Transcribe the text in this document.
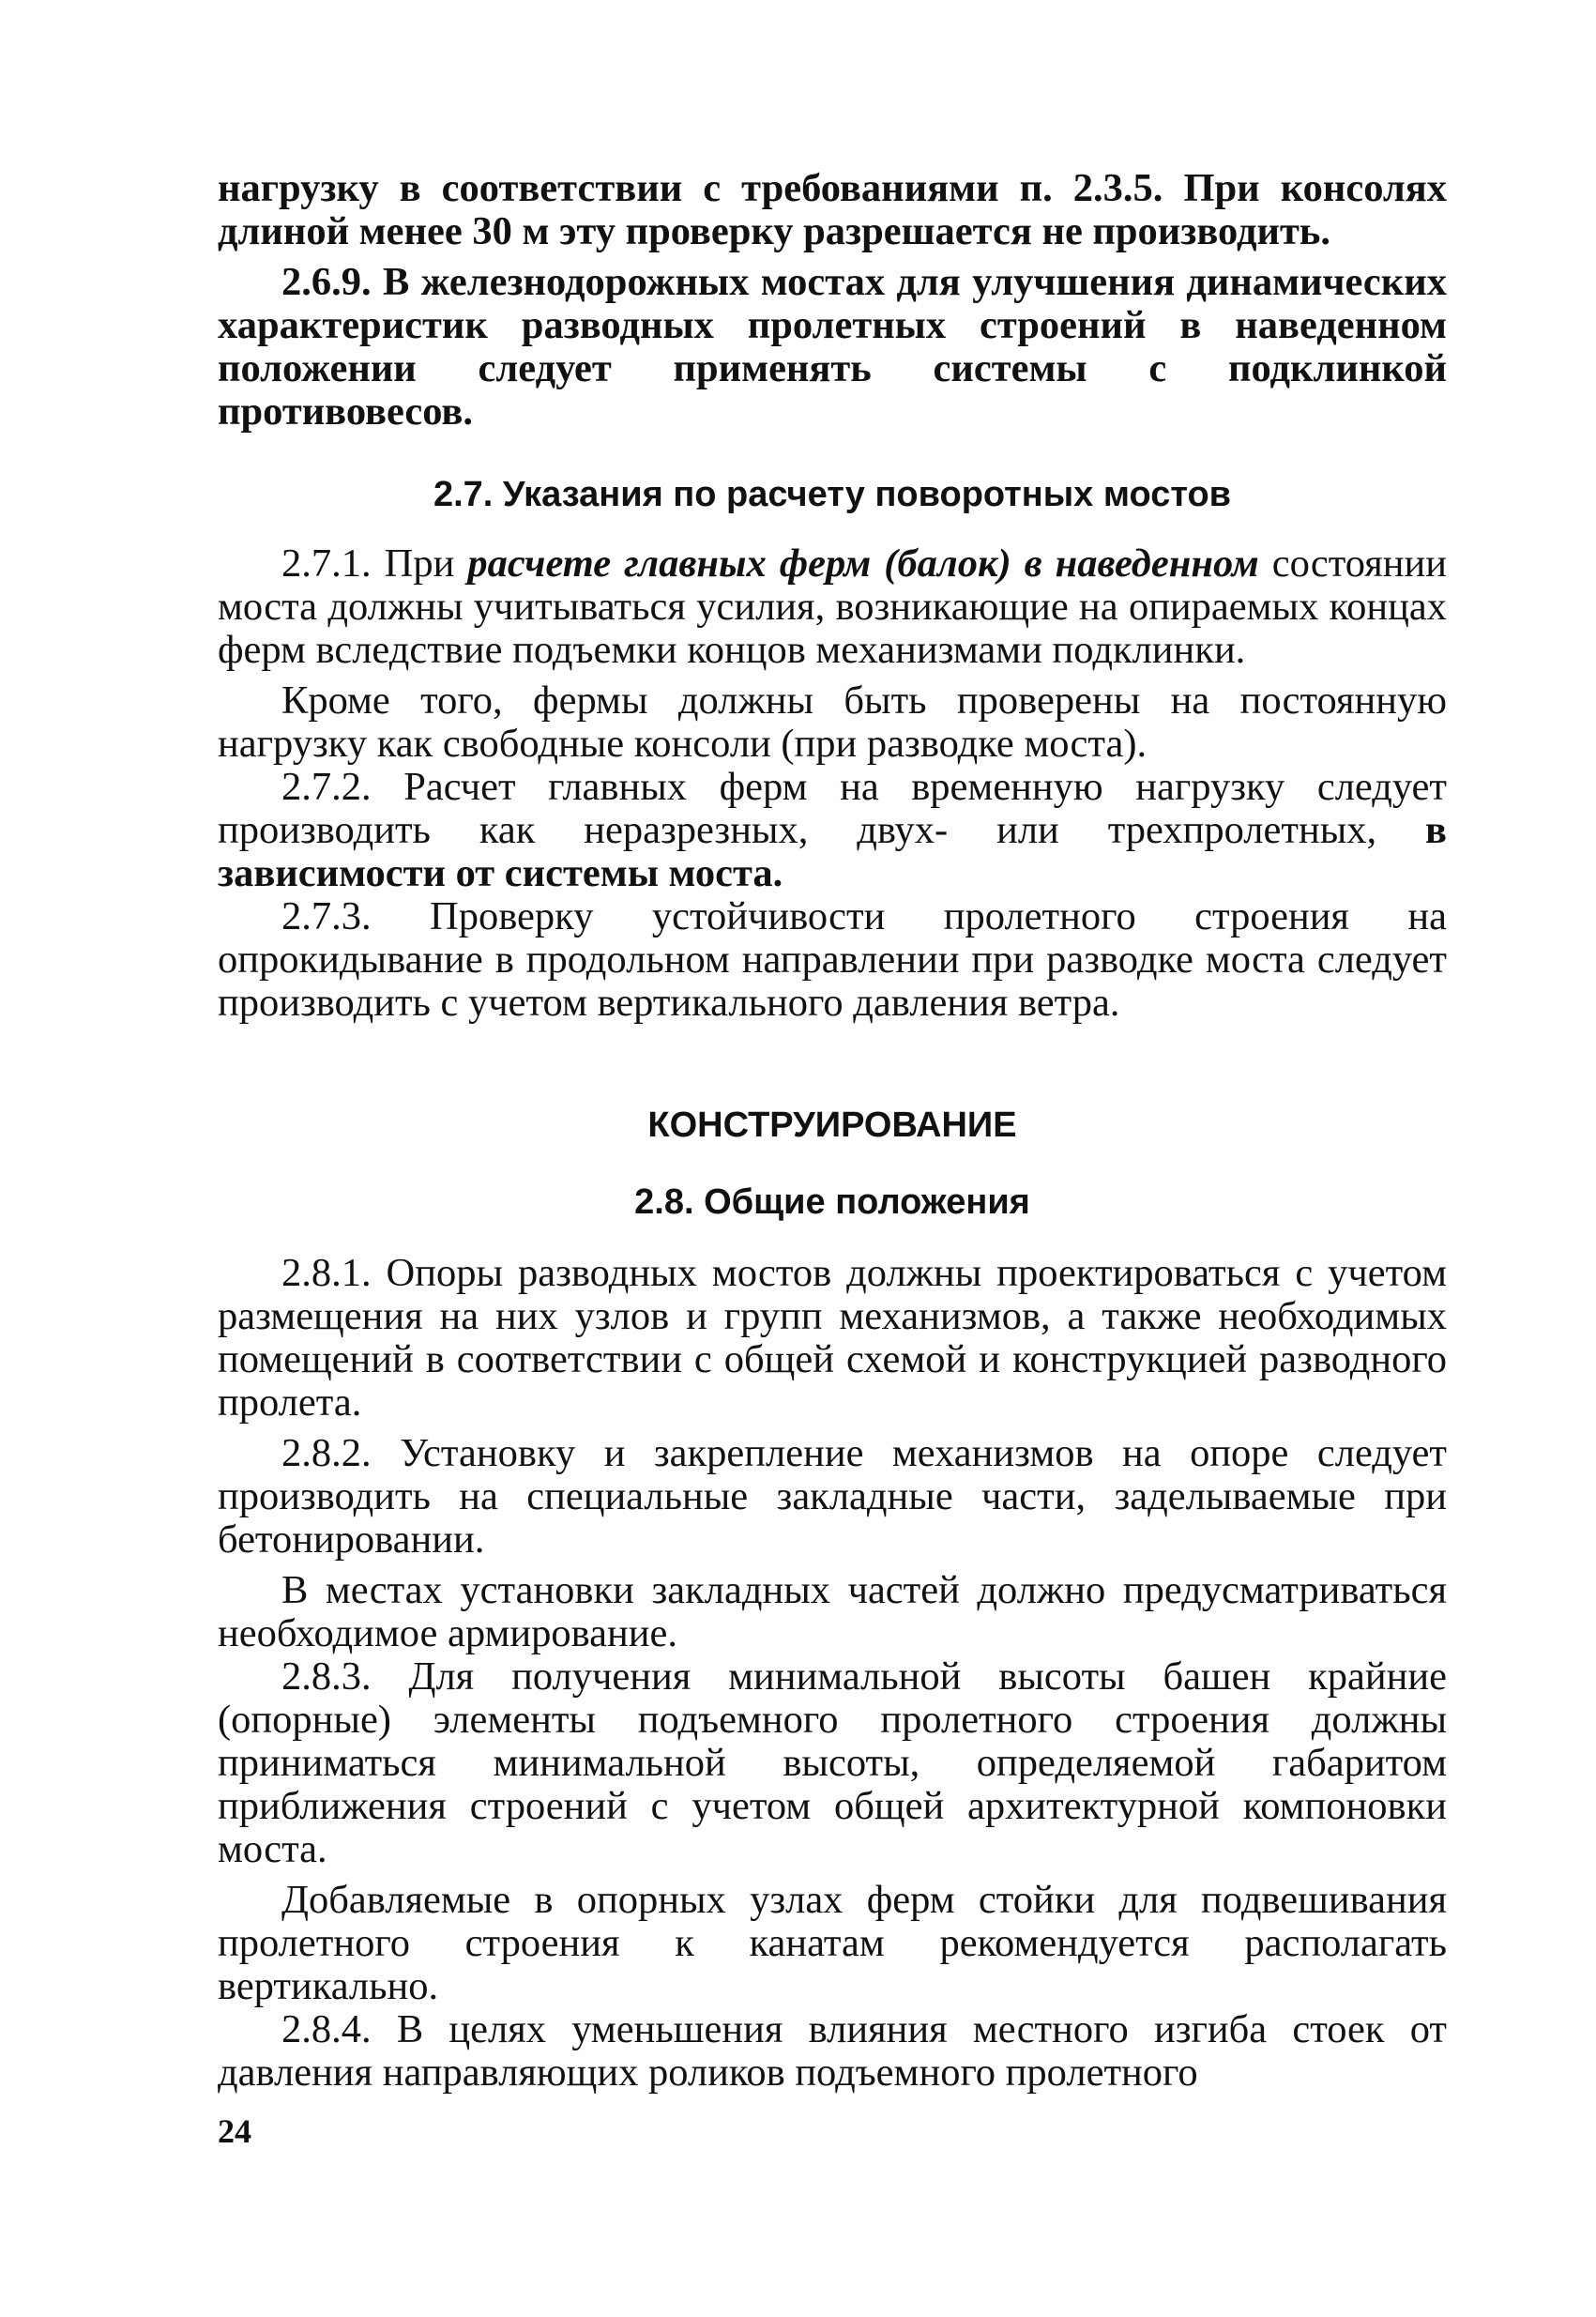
нагрузку в соответствии с требованиями п. 2.3.5. При консолях длиной менее 30 м эту проверку разрешается не производить.

2.6.9. В железнодорожных мостах для улучшения динамических характеристик разводных пролетных строений в наведенном положении следует применять системы с подклинкой противовесов.

2.7. Указания по расчету поворотных мостов

2.7.1. При расчете главных ферм (балок) в наведенном состоянии моста должны учитываться усилия, возникающие на опираемых концах ферм вследствие подъемки концов механизмами подклинки.

Кроме того, фермы должны быть проверены на постоянную нагрузку как свободные консоли (при разводке моста).

2.7.2. Расчет главных ферм на временную нагрузку следует производить как неразрезных, двух- или трехпролетных, в зависимости от системы моста.

2.7.3. Проверку устойчивости пролетного строения на опрокидывание в продольном направлении при разводке моста следует производить с учетом вертикального давления ветра.

КОНСТРУИРОВАНИЕ
2.8. Общие положения

2.8.1. Опоры разводных мостов должны проектироваться с учетом размещения на них узлов и групп механизмов, а также необходимых помещений в соответствии с общей схемой и конструкцией разводного пролета.

2.8.2. Установку и закрепление механизмов на опоре следует производить на специальные закладные части, заделываемые при бетонировании.

В местах установки закладных частей должно предусматриваться необходимое армирование.

2.8.3. Для получения минимальной высоты башен крайние (опорные) элементы подъемного пролетного строения должны приниматься минимальной высоты, определяемой габаритом приближения строений с учетом общей архитектурной компоновки моста.

Добавляемые в опорных узлах ферм стойки для подвешивания пролетного строения к канатам рекомендуется располагать вертикально.

2.8.4. В целях уменьшения влияния местного изгиба стоек от давления направляющих роликов подъемного пролетного

24
